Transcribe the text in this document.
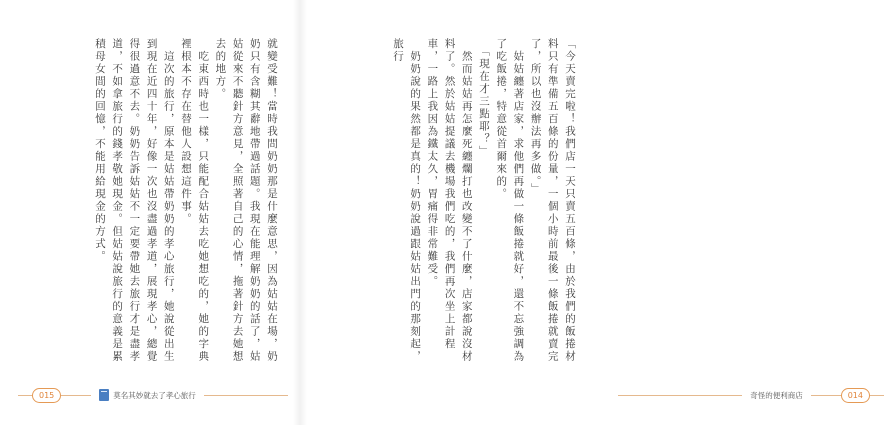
就變受難！當時我問奶奶那是什麼意思，因為姑姑在場，奶奶只有含糊其辭地帶過話題。我現在能理解奶奶的話了，姑姑從來不聽針方意見，全照著自己的心情，拖著針方去她想去的地方。
　吃東西時也一樣，只能配合姑姑去吃她想吃的，她的字典裡根本不存在替他人設想這件事。
　這次的旅行，原本是姑姑帶奶奶的孝心旅行，她說從出生到現在近四十年，好像一次也沒盡過孝道，展現孝心，總覺得很過意不去。奶奶告訴姑姑不一定要帶她去旅行才是盡孝道，不如拿旅行的錢孝敬她現金。但姑姑說旅行的意義是累積母女間的回憶，不能用給現金的方式。
015	莫名其妙就去了孝心旅行
「今天賣完啦！我們店一天只賣五百條，由於我們的飯捲材料只有準備五百條的份量，一個小時前最後一條飯捲就賣完了，所以也沒辦法再多做。」
　姑姑纏著店家，求他們再做一條飯捲就好，還不忘強調為了吃飯捲，特意從首爾來的。
　「現在才三點耶？」
　然而姑姑再怎麼死纏爛打也改變不了什麼，店家都說沒材料了。然於姑姑提議去機場我們吃的，我們再次坐上計程車，一路上我因為鐵太久，胃痛得非常難受。
　奶奶說的果然都是真的！奶奶說過跟姑姑出門的那刻起，旅行
奇怪的便利商店	014
